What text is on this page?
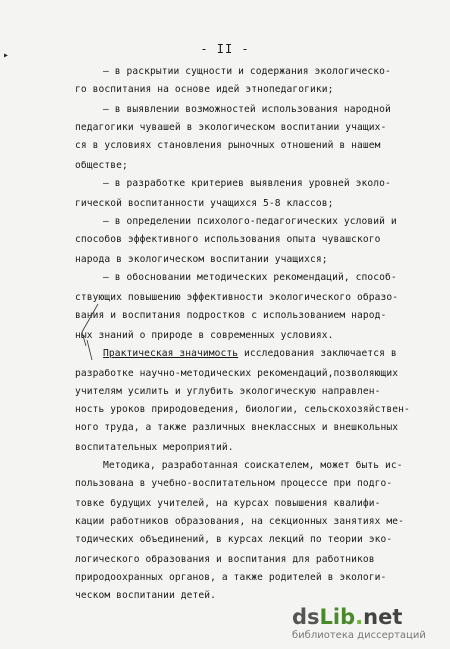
▸	- II -
– в раскрытии сущности и содержания экологическо-
го воспитания на основе идей этнопедагогики;
– в выявлении возможностей использования народной
педагогики чувашей в экологическом воспитании учащих-
ся в условиях становления рыночных отношений в нашем
обществе;
– в разработке критериев выявления уровней эколо-
гической воспитанности учащихся 5-8 классов;
– в определении психолого-педагогических условий и
способов эффективного использования опыта чувашского
народа в экологическом воспитании учащихся;
– в обосновании методических рекомендаций, способ-
ствующих повышению эффективности экологического образо-
вания и воспитания подростков с использованием народ-
ных знаний о природе в современных условиях.
Практическая значимость исследования заключается в
разработке научно-методических рекомендаций,позволяющих
учителям усилить и углубить экологическую направлен-
ность уроков природоведения, биологии, сельскохозяйствен-
ного труда, а также различных внеклассных и внешкольных
воспитательных мероприятий.
Методика, разработанная соискателем, может быть ис-
пользована в учебно-воспитательном процессе при подго-
товке будущих учителей, на курсах повышения квалифи-
кации работников образования, на секционных занятиях ме-
тодических объединений, в курсах лекций по теории эко-
логического образования и воспитания для работников
природоохранных органов, а также родителей в экологи-
ческом воспитании детей.
dsLib.net
библиотека диссертаций
